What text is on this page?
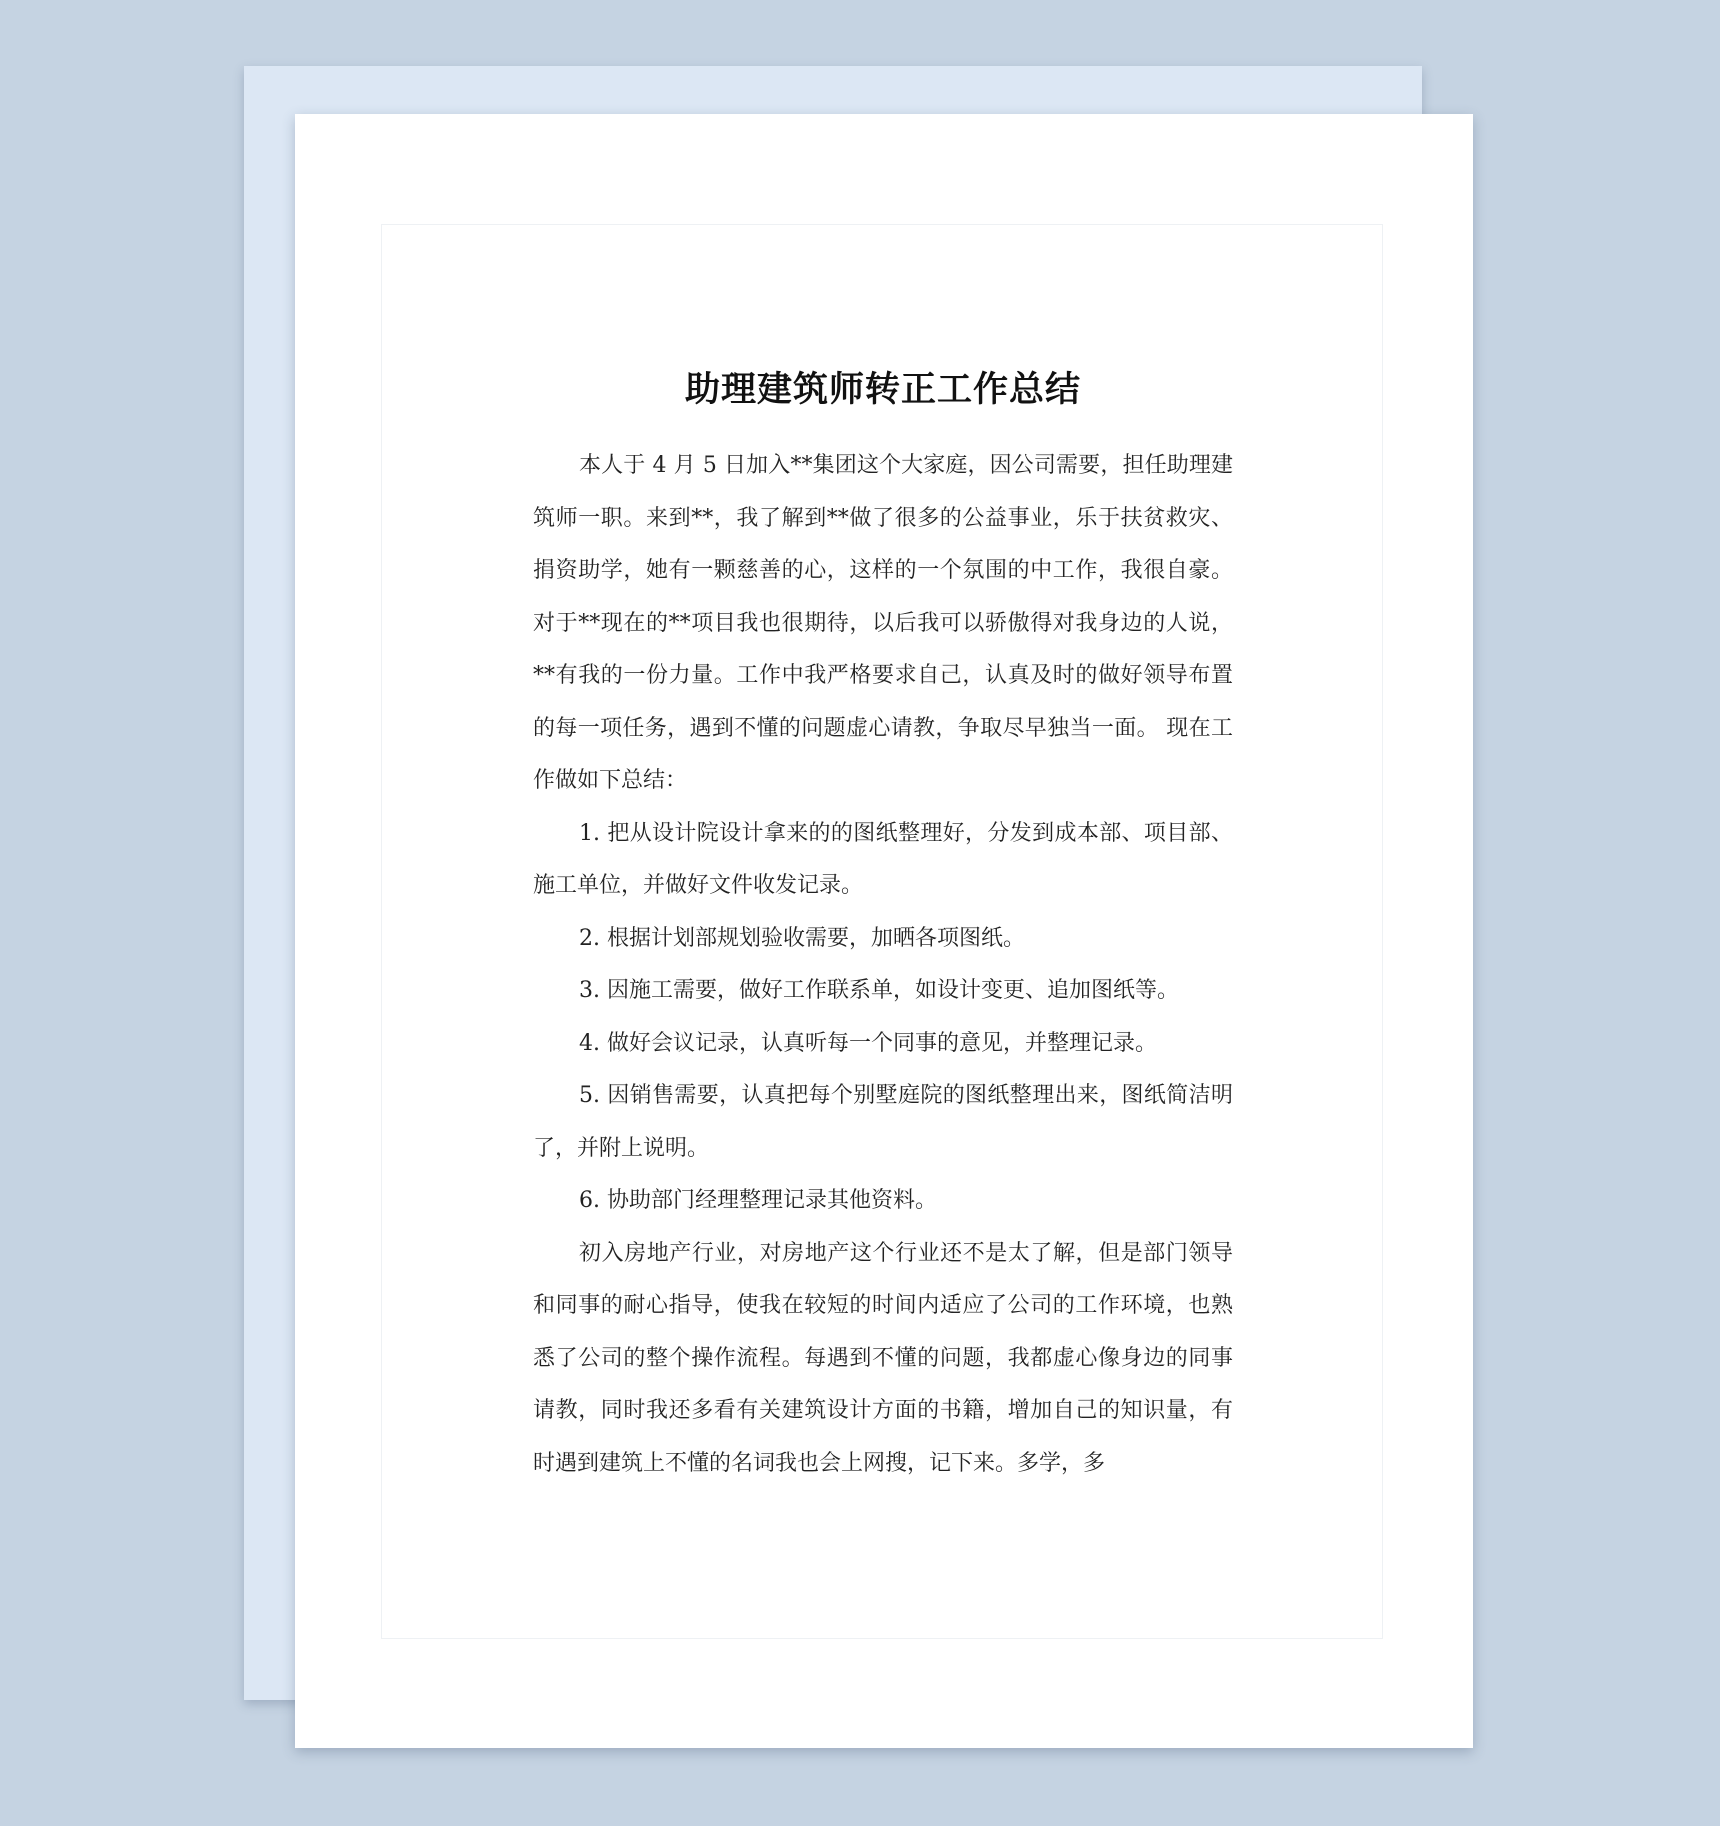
助理建筑师转正工作总结

本人于 4 月 5 日加入**集团这个大家庭，因公司需要，担任助理建筑师一职。来到**，我了解到**做了很多的公益事业，乐于扶贫救灾、捐资助学，她有一颗慈善的心，这样的一个氛围的中工作，我很自豪。对于**现在的**项目我也很期待，以后我可以骄傲得对我身边的人说，**有我的一份力量。工作中我严格要求自己，认真及时的做好领导布置的每一项任务，遇到不懂的问题虚心请教，争取尽早独当一面。 现在工作做如下总结：

1. 把从设计院设计拿来的的图纸整理好，分发到成本部、项目部、施工单位，并做好文件收发记录。

2. 根据计划部规划验收需要，加晒各项图纸。

3. 因施工需要，做好工作联系单，如设计变更、追加图纸等。

4. 做好会议记录，认真听每一个同事的意见，并整理记录。

5. 因销售需要，认真把每个别墅庭院的图纸整理出来，图纸简洁明了，并附上说明。

6. 协助部门经理整理记录其他资料。

初入房地产行业，对房地产这个行业还不是太了解，但是部门领导和同事的耐心指导，使我在较短的时间内适应了公司的工作环境，也熟悉了公司的整个操作流程。每遇到不懂的问题，我都虚心像身边的同事请教，同时我还多看有关建筑设计方面的书籍，增加自己的知识量，有时遇到建筑上不懂的名词我也会上网搜，记下来。多学，多
